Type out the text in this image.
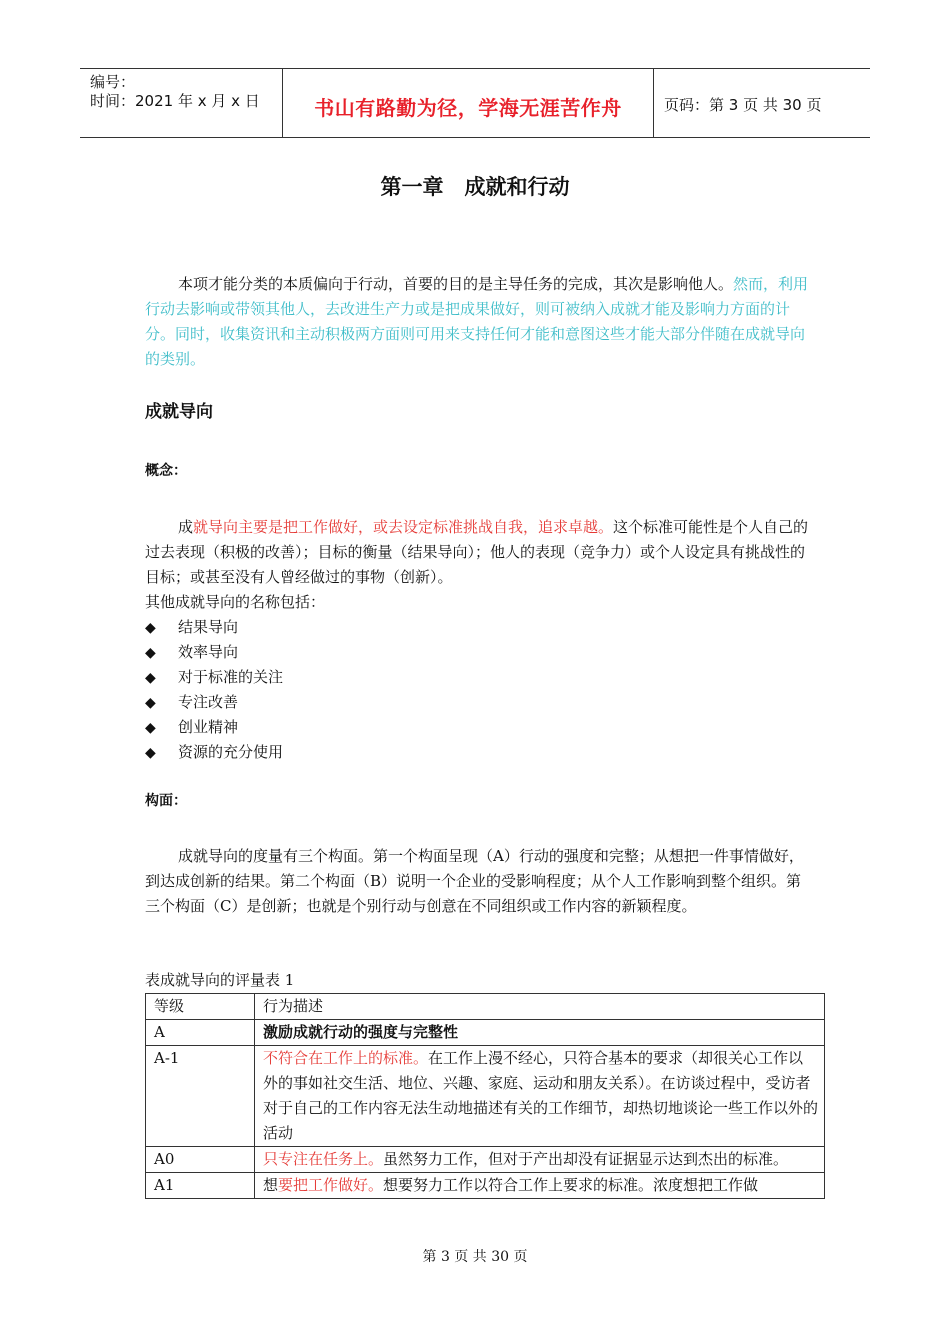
编号：
时间：2021 年 x 月 x 日	书山有路勤为径，学海无涯苦作舟	页码：第 3 页 共 30 页
第一章　成就和行动
本项才能分类的本质偏向于行动，首要的目的是主导任务的完成，其次是影响他人。然而，利用行动去影响或带领其他人，去改进生产力或是把成果做好，则可被纳入成就才能及影响力方面的计分。同时，收集资讯和主动积极两方面则可用来支持任何才能和意图这些才能大部分伴随在成就导向的类别。
成就导向
概念：
成就导向主要是把工作做好，或去设定标准挑战自我，追求卓越。这个标准可能性是个人自己的过去表现（积极的改善）；目标的衡量（结果导向）；他人的表现（竞争力）或个人设定具有挑战性的目标；或甚至没有人曾经做过的事物（创新）。
其他成就导向的名称包括：
◆ 结果导向
◆ 效率导向
◆ 对于标准的关注
◆ 专注改善
◆ 创业精神
◆ 资源的充分使用
构面：
成就导向的度量有三个构面。第一个构面呈现（A）行动的强度和完整；从想把一件事情做好，到达成创新的结果。第二个构面（B）说明一个企业的受影响程度；从个人工作影响到整个组织。第三个构面（C）是创新；也就是个别行动与创意在不同组织或工作内容的新颖程度。
表成就导向的评量表 1
等级	行为描述
A	激励成就行动的强度与完整性
A-1	不符合在工作上的标准。在工作上漫不经心，只符合基本的要求（却很关心工作以外的事如社交生活、地位、兴趣、家庭、运动和朋友关系）。在访谈过程中，受访者对于自己的工作内容无法生动地描述有关的工作细节，却热切地谈论一些工作以外的活动
A0	只专注在任务上。虽然努力工作，但对于产出却没有证据显示达到杰出的标准。
A1	想要把工作做好。想要努力工作以符合工作上要求的标准。浓度想把工作做
第 3 页 共 30 页
